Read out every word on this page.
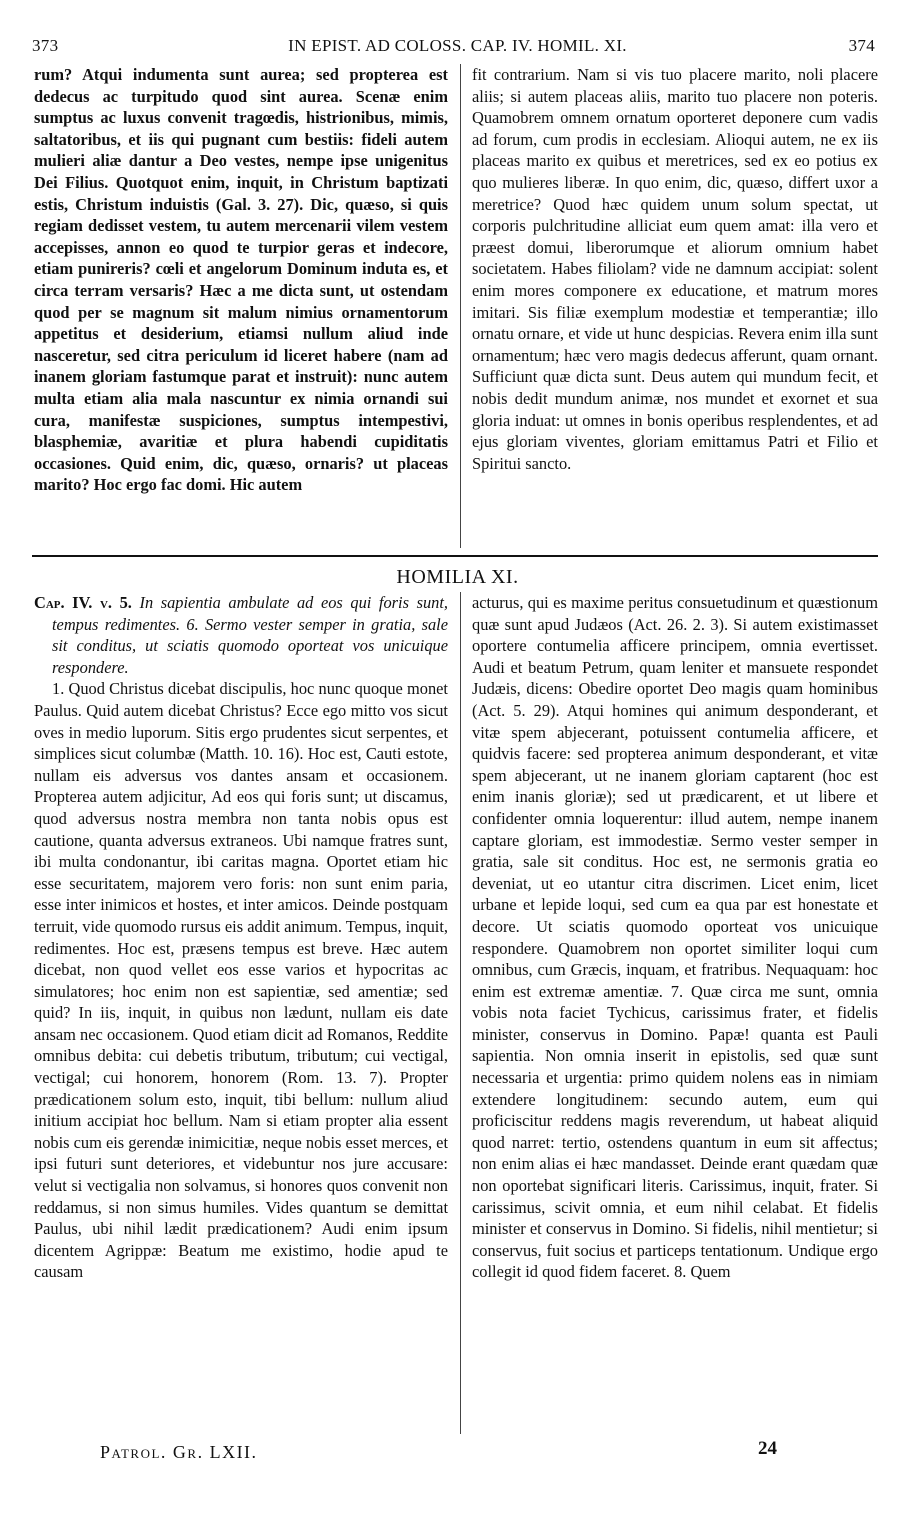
373	IN EPIST. AD COLOSS. CAP. IV. HOMIL. XI.	374

rum? Atqui indumenta sunt aurea; sed propterea est dedecus ac turpitudo quod sint aurea. Scenæ enim sumptus ac luxus convenit tragœdis, histrionibus, mimis, saltatoribus, et iis qui pugnant cum bestiis: fideli autem mulieri aliæ dantur a Deo vestes, nempe ipse unigenitus Dei Filius. Quotquot enim, inquit, in Christum baptizati estis, Christum induistis (Gal. 3. 27). Dic, quæso, si quis regiam dedisset vestem, tu autem mercenarii vilem vestem accepisses, annon eo quod te turpior geras et indecore, etiam punireris? cœli et angelorum Dominum induta es, et circa terram versaris? Hæc a me dicta sunt, ut ostendam quod per se magnum sit malum nimius ornamentorum appetitus et desiderium, etiamsi nullum aliud inde nasceretur, sed citra periculum id liceret habere (nam ad inanem gloriam fastumque parat et instruit): nunc autem multa etiam alia mala nascuntur ex nimia ornandi sui cura, manifestæ suspiciones, sumptus intempestivi, blasphemiæ, avaritiæ et plura habendi cupiditatis occasiones. Quid enim, dic, quæso, ornaris? ut placeas marito? Hoc ergo fac domi. Hic autem

fit contrarium. Nam si vis tuo placere marito, noli placere aliis; si autem placeas aliis, marito tuo placere non poteris. Quamobrem omnem ornatum oporteret deponere cum vadis ad forum, cum prodis in ecclesiam. Alioqui autem, ne ex iis placeas marito ex quibus et meretrices, sed ex eo potius ex quo mulieres liberæ. In quo enim, dic, quæso, differt uxor a meretrice? Quod hæc quidem unum solum spectat, ut corporis pulchritudine alliciat eum quem amat: illa vero et præest domui, liberorumque et aliorum omnium habet societatem. Habes filiolam? vide ne damnum accipiat: solent enim mores componere ex educatione, et matrum mores imitari. Sis filiæ exemplum modestiæ et temperantiæ; illo ornatu ornare, et vide ut hunc despicias. Revera enim illa sunt ornamentum; hæc vero magis dedecus afferunt, quam ornant. Sufficiunt quæ dicta sunt. Deus autem qui mundum fecit, et nobis dedit mundum animæ, nos mundet et exornet et sua gloria induat: ut omnes in bonis operibus resplendentes, et ad ejus gloriam viventes, gloriam emittamus Patri et Filio et Spiritui sancto.

HOMILIA XI.

Cap. IV. v. 5. In sapientia ambulate ad eos qui foris sunt, tempus redimentes. 6. Sermo vester semper in gratia, sale sit conditus, ut sciatis quomodo oporteat vos unicuique respondere.

1. Quod Christus dicebat discipulis, hoc nunc quoque monet Paulus. Quid autem dicebat Christus? Ecce ego mitto vos sicut oves in medio luporum. Sitis ergo prudentes sicut serpentes, et simplices sicut columbæ (Matth. 10. 16). Hoc est, Cauti estote, nullam eis adversus vos dantes ansam et occasionem. Propterea autem adjicitur, Ad eos qui foris sunt; ut discamus, quod adversus nostra membra non tanta nobis opus est cautione, quanta adversus extraneos. Ubi namque fratres sunt, ibi multa condonantur, ibi caritas magna. Oportet etiam hic esse securitatem, majorem vero foris: non sunt enim paria, esse inter inimicos et hostes, et inter amicos. Deinde postquam terruit, vide quomodo rursus eis addit animum. Tempus, inquit, redimentes. Hoc est, præsens tempus est breve. Hæc autem dicebat, non quod vellet eos esse varios et hypocritas ac simulatores; hoc enim non est sapientiæ, sed amentiæ; sed quid? In iis, inquit, in quibus non lædunt, nullam eis date ansam nec occasionem. Quod etiam dicit ad Romanos, Reddite omnibus debita: cui debetis tributum, tributum; cui vectigal, vectigal; cui honorem, honorem (Rom. 13. 7). Propter prædicationem solum esto, inquit, tibi bellum: nullum aliud initium accipiat hoc bellum. Nam si etiam propter alia essent nobis cum eis gerendæ inimicitiæ, neque nobis esset merces, et ipsi futuri sunt deteriores, et videbuntur nos jure accusare: velut si vectigalia non solvamus, si honores quos convenit non reddamus, si non simus humiles. Vides quantum se demittat Paulus, ubi nihil lædit prædicationem? Audi enim ipsum dicentem Agrippæ: Beatum me existimo, hodie apud te causam

acturus, qui es maxime peritus consuetudinum et quæstionum quæ sunt apud Judæos (Act. 26. 2. 3). Si autem existimasset oportere contumelia afficere principem, omnia evertisset. Audi et beatum Petrum, quam leniter et mansuete respondet Judæis, dicens: Obedire oportet Deo magis quam hominibus (Act. 5. 29). Atqui homines qui animum desponderant, et vitæ spem abjecerant, potuissent contumelia afficere, et quidvis facere: sed propterea animum desponderant, et vitæ spem abjecerant, ut ne inanem gloriam captarent (hoc est enim inanis gloriæ); sed ut prædicarent, et ut libere et confidenter omnia loquerentur: illud autem, nempe inanem captare gloriam, est immodestiæ. Sermo vester semper in gratia, sale sit conditus. Hoc est, ne sermonis gratia eo deveniat, ut eo utantur citra discrimen. Licet enim, licet urbane et lepide loqui, sed cum ea qua par est honestate et decore. Ut sciatis quomodo oporteat vos unicuique respondere. Quamobrem non oportet similiter loqui cum omnibus, cum Græcis, inquam, et fratribus. Nequaquam: hoc enim est extremæ amentiæ. 7. Quæ circa me sunt, omnia vobis nota faciet Tychicus, carissimus frater, et fidelis minister, conservus in Domino. Papæ! quanta est Pauli sapientia. Non omnia inserit in epistolis, sed quæ sunt necessaria et urgentia: primo quidem nolens eas in nimiam extendere longitudinem: secundo autem, eum qui proficiscitur reddens magis reverendum, ut habeat aliquid quod narret: tertio, ostendens quantum in eum sit affectus; non enim alias ei hæc mandasset. Deinde erant quædam quæ non oportebat significari literis. Carissimus, inquit, frater. Si carissimus, scivit omnia, et eum nihil celabat. Et fidelis minister et conservus in Domino. Si fidelis, nihil mentietur; si conservus, fuit socius et particeps tentationum. Undique ergo collegit id quod fidem faceret. 8. Quem

Patrol. Gr. LXII.	24
